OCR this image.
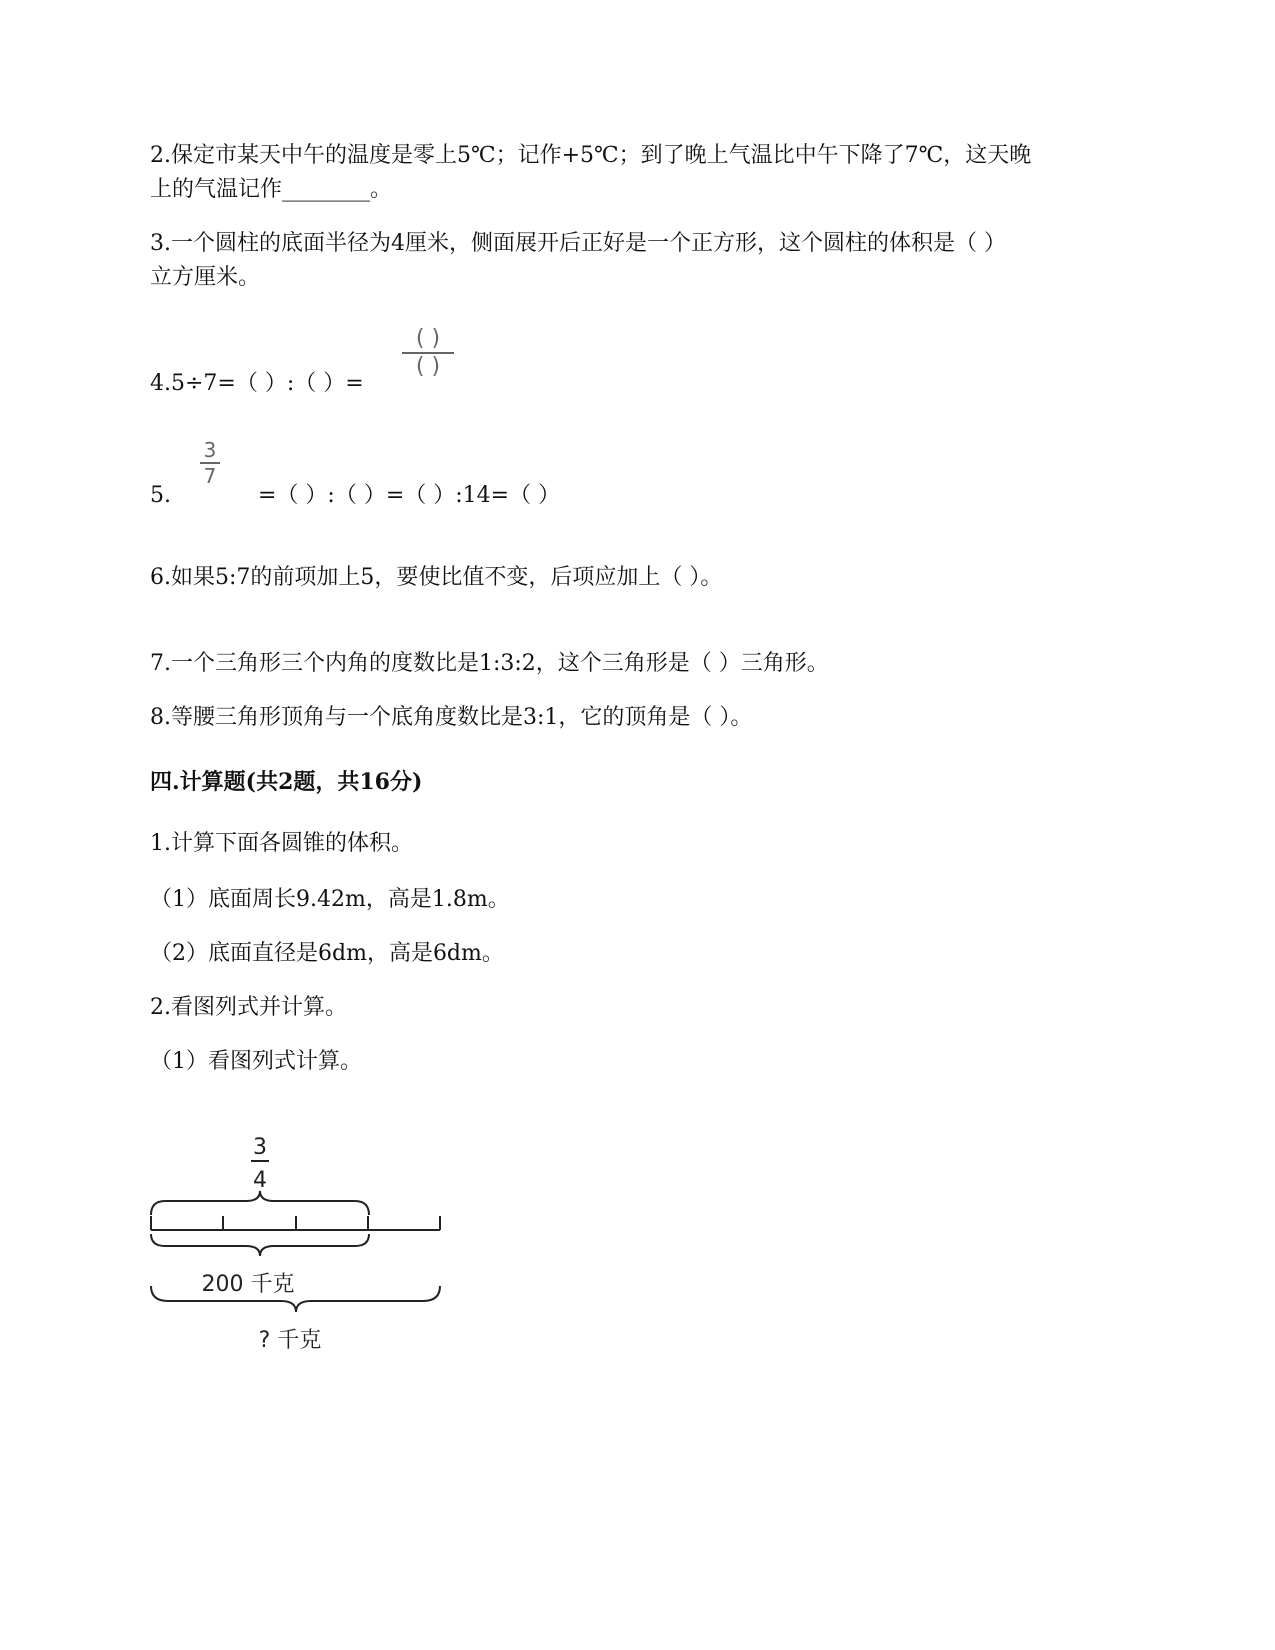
2.保定市某天中午的温度是零上5℃；记作+5℃；到了晚上气温比中午下降了7℃，这天晚
上的气温记作________。
3.一个圆柱的底面半径为4厘米，侧面展开后正好是一个正方形，这个圆柱的体积是（ ）
立方厘米。
4.5÷7=（ ）:（ ）=
( )
( )
5.
3
7
=（ ）:（ ）=（ ）:14=（ ）
6.如果5:7的前项加上5，要使比值不变，后项应加上（ ）。
7.一个三角形三个内角的度数比是1:3:2，这个三角形是（ ）三角形。
8.等腰三角形顶角与一个底角度数比是3:1，它的顶角是（ ）。
四.计算题(共2题，共16分)
1.计算下面各圆锥的体积。
（1）底面周长9.42m，高是1.8m。
（2）底面直径是6dm，高是6dm。
2.看图列式并计算。
（1）看图列式计算。
3
4
200 千克
? 千克
